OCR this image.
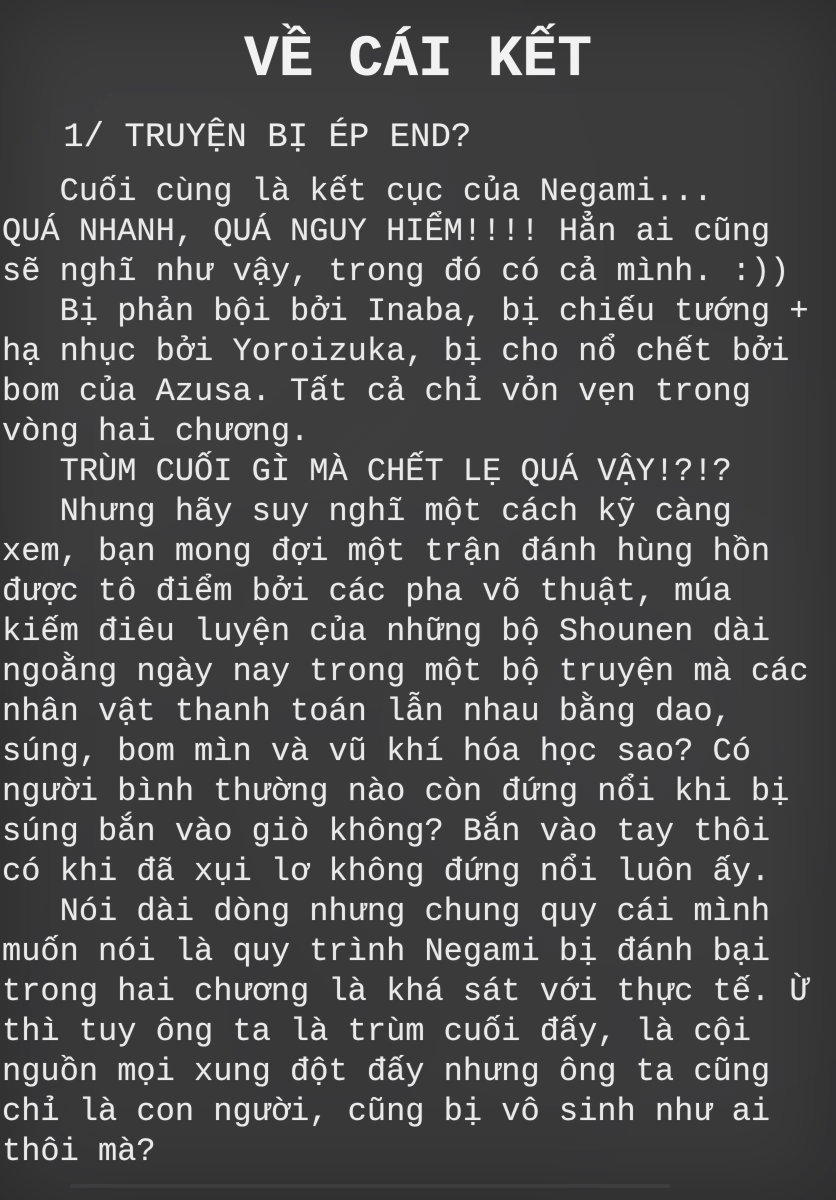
VỀ CÁI KẾT
1/ TRUYỆN BỊ ÉP END?
Cuối cùng là kết cục của Negami...
QUÁ NHANH, QUÁ NGUY HIỂM!!!! Hẳn ai cũng
sẽ nghĩ như vậy, trong đó có cả mình. :))
Bị phản bội bởi Inaba, bị chiếu tướng +
hạ nhục bởi Yoroizuka, bị cho nổ chết bởi
bom của Azusa. Tất cả chỉ vỏn vẹn trong
vòng hai chương.
TRÙM CUỐI GÌ MÀ CHẾT LẸ QUÁ VẬY!?!?
Nhưng hãy suy nghĩ một cách kỹ càng
xem, bạn mong đợi một trận đánh hùng hồn
được tô điểm bởi các pha võ thuật, múa
kiếm điêu luyện của những bộ Shounen dài
ngoằng ngày nay trong một bộ truyện mà các
nhân vật thanh toán lẫn nhau bằng dao,
súng, bom mìn và vũ khí hóa học sao? Có
người bình thường nào còn đứng nổi khi bị
súng bắn vào giò không? Bắn vào tay thôi
có khi đã xụi lơ không đứng nổi luôn ấy.
Nói dài dòng nhưng chung quy cái mình
muốn nói là quy trình Negami bị đánh bại
trong hai chương là khá sát với thực tế. Ừ
thì tuy ông ta là trùm cuối đấy, là cội
nguồn mọi xung đột đấy nhưng ông ta cũng
chỉ là con người, cũng bị vô sinh như ai
thôi mà?
